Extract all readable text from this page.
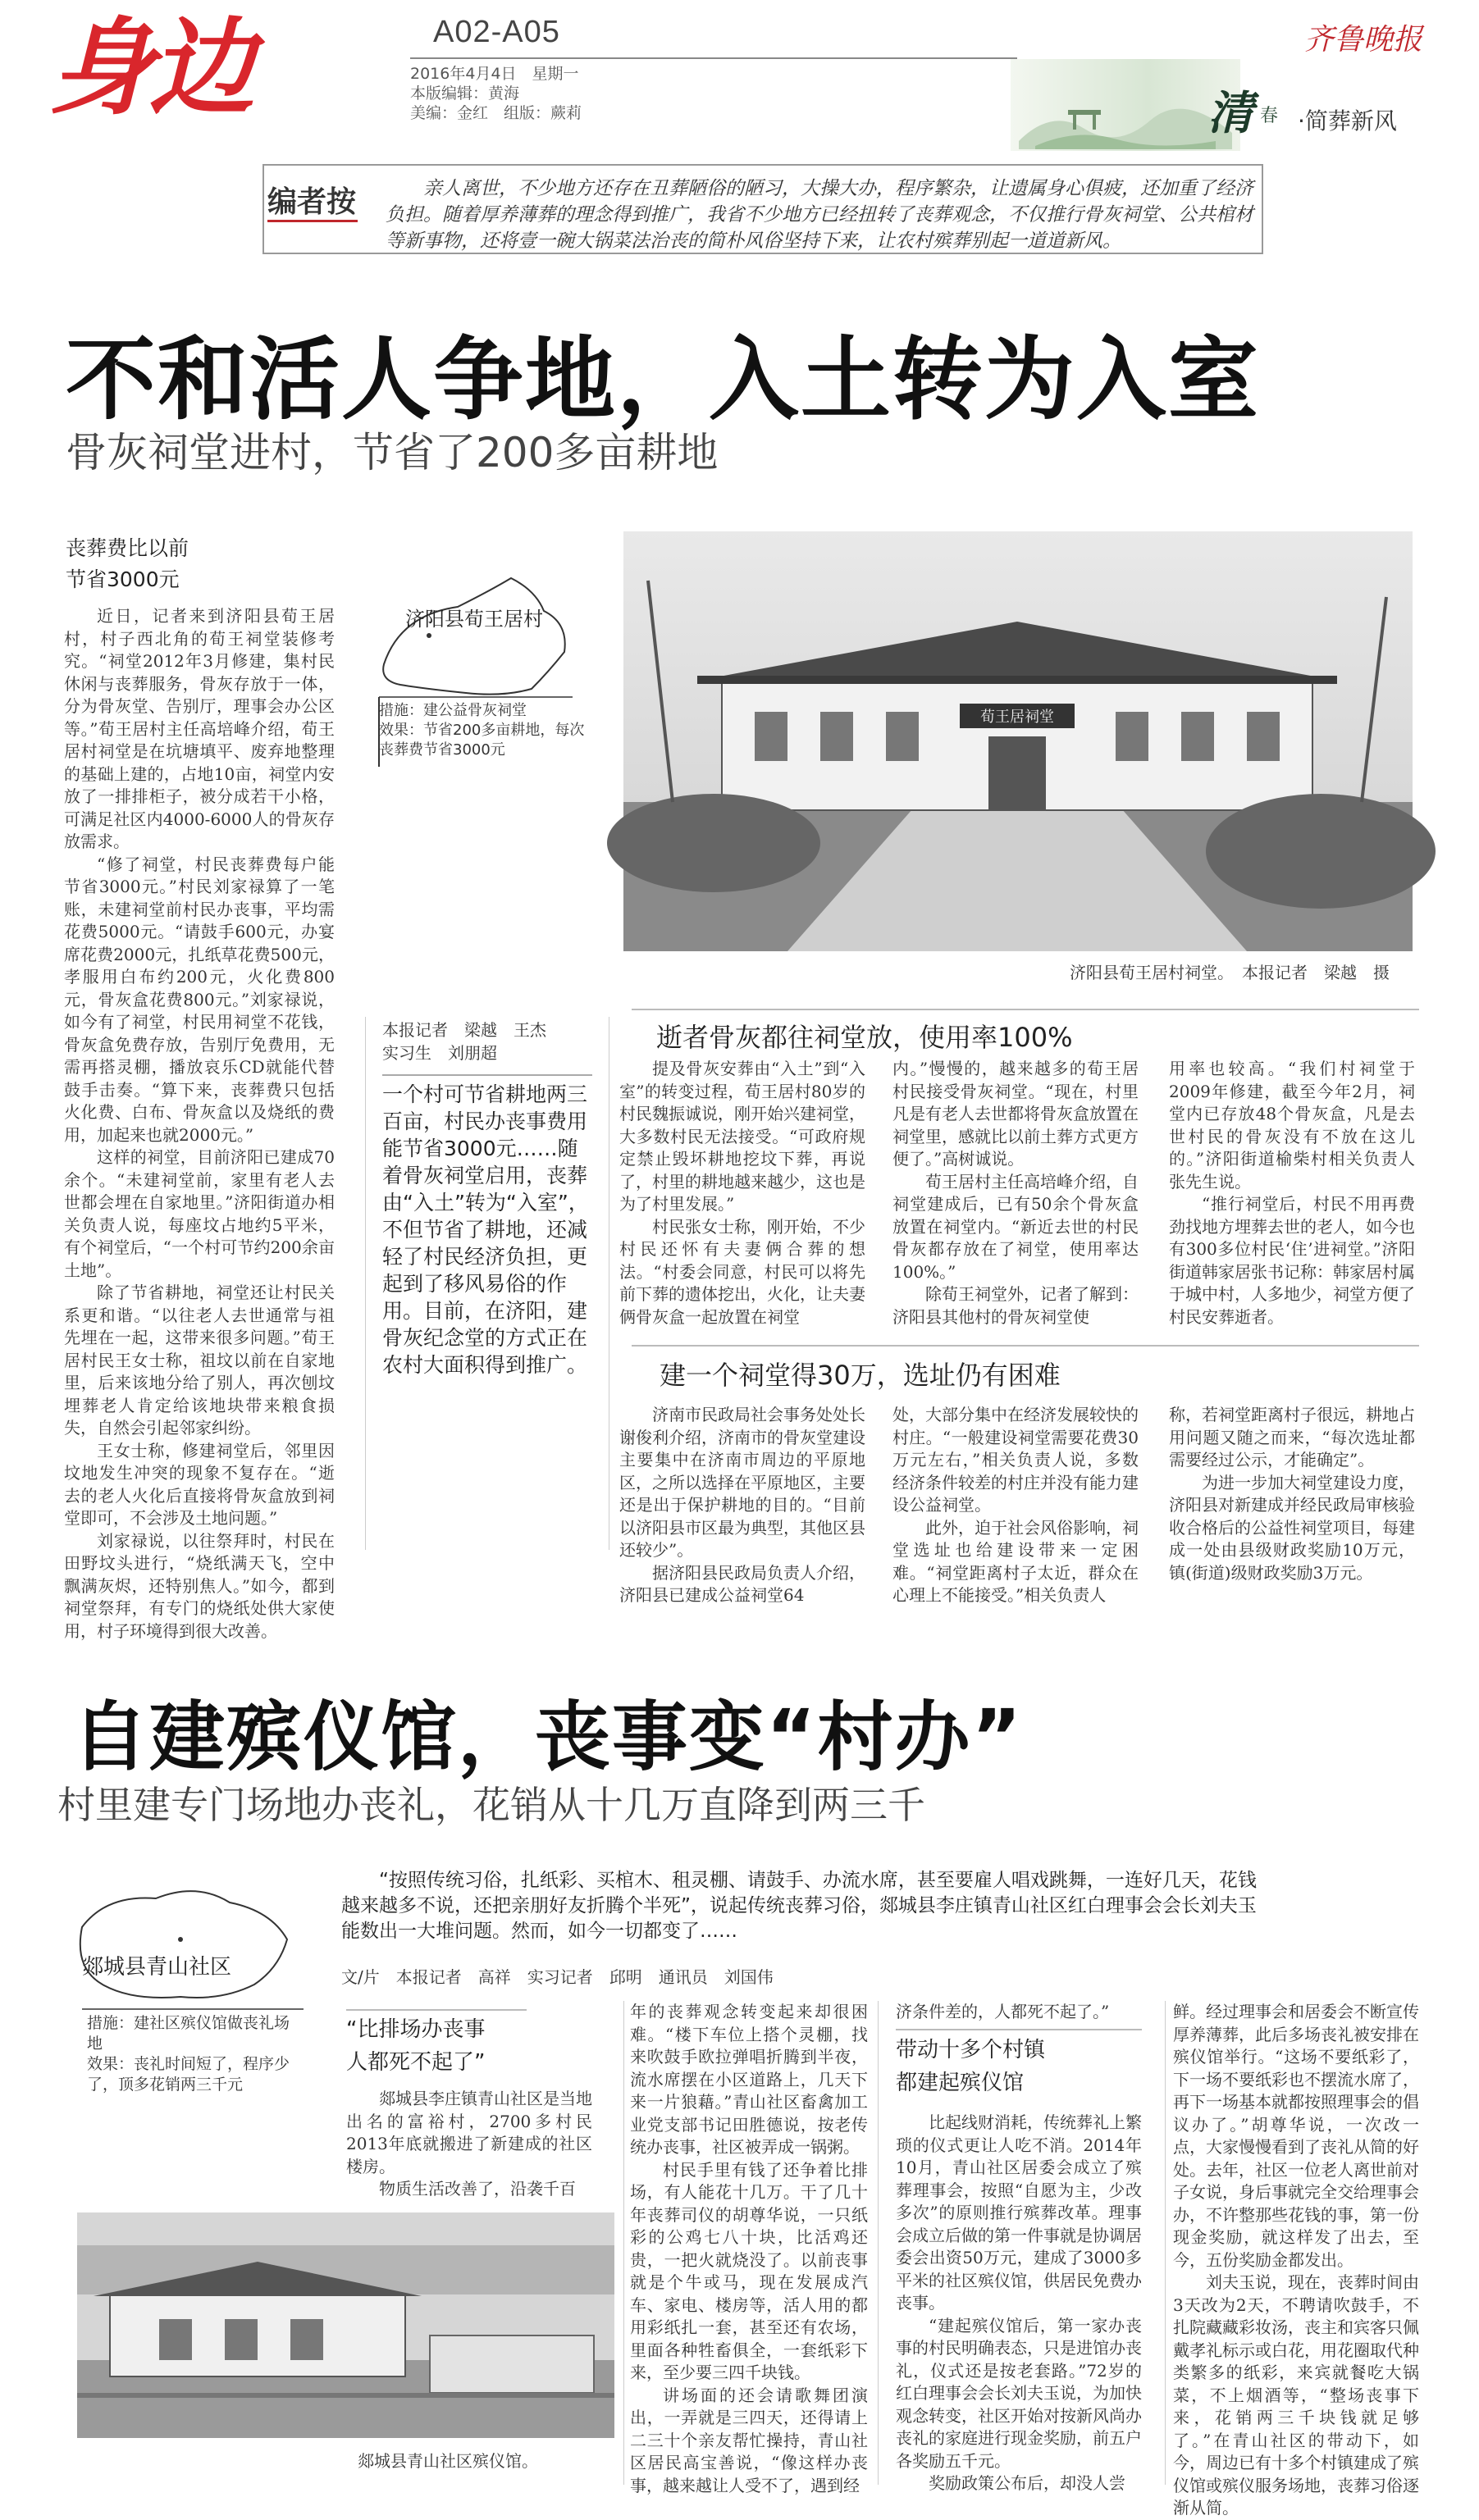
身边	A02-A05
2016年4月4日　星期一
本版编辑：黄海
美编：金红　组版：蕨莉
齐鲁晚报
清 春 ·简葬新风
编者按	亲人离世，不少地方还存在丑葬陋俗的陋习，大操大办，程序繁杂，让遗属身心俱疲，还加重了经济负担。随着厚养薄葬的理念得到推广，我省不少地方已经扭转了丧葬观念，不仅推行骨灰祠堂、公共棺材等新事物，还将壹一碗大锅菜法治丧的简朴风俗坚持下来，让农村殡葬别起一道道新风。
不和活人争地，入土转为入室
骨灰祠堂进村，节省了200多亩耕地
丧葬费比以前
节省3000元

近日，记者来到济阳县荀王居村，村子西北角的荀王祠堂装修考究。“祠堂2012年3月修建，集村民休闲与丧葬服务，骨灰存放于一体，分为骨灰堂、告别厅，理事会办公区等。”荀王居村主任高培峰介绍，荀王居村祠堂是在坑塘填平、废弃地整理的基础上建的，占地10亩，祠堂内安放了一排排柜子，被分成若干小格，可满足社区内4000-6000人的骨灰存放需求。

“修了祠堂，村民丧葬费每户能节省3000元。”村民刘家禄算了一笔账，未建祠堂前村民办丧事，平均需花费5000元。“请鼓手600元，办宴席花费2000元，扎纸草花费500元，孝服用白布约200元，火化费800元，骨灰盒花费800元。”刘家禄说，如今有了祠堂，村民用祠堂不花钱，骨灰盒免费存放，告别厅免费用，无需再搭灵棚，播放哀乐CD就能代替鼓手击奏。“算下来，丧葬费只包括火化费、白布、骨灰盒以及烧纸的费用，加起来也就2000元。”

这样的祠堂，目前济阳已建成70余个。“未建祠堂前，家里有老人去世都会埋在自家地里。”济阳街道办相关负责人说，每座坟占地约5平米，有个祠堂后，“一个村可节约200余亩土地”。

除了节省耕地，祠堂还让村民关系更和谐。“以往老人去世通常与祖先埋在一起，这带来很多问题。”荀王居村民王女士称，祖坟以前在自家地里，后来该地分给了别人，再次刨坟埋葬老人肯定给该地块带来粮食损失，自然会引起邻家纠纷。

王女士称，修建祠堂后，邻里因坟地发生冲突的现象不复存在。“逝去的老人火化后直接将骨灰盒放到祠堂即可，不会涉及土地问题。”

刘家禄说，以往祭拜时，村民在田野坟头进行，“烧纸满天飞，空中飘满灰烬，还特别焦人。”如今，都到祠堂祭拜，有专门的烧纸处供大家使用，村子环境得到很大改善。

济阳县荀王居村
措施：建公益骨灰祠堂
效果：节省200多亩耕地，每次丧葬费节省3000元
荀王居祠堂
济阳县荀王居村祠堂。　本报记者　梁越　摄
本报记者　梁越　王杰
实习生　刘朋超
一个村可节省耕地两三百亩，村民办丧事费用能节省3000元……随着骨灰祠堂启用，丧葬由“入土”转为“入室”，不但节省了耕地，还减轻了村民经济负担，更起到了移风易俗的作用。目前，在济阳，建骨灰纪念堂的方式正在农村大面积得到推广。
逝者骨灰都往祠堂放，使用率100%

提及骨灰安葬由“入土”到“入室”的转变过程，荀王居村80岁的村民魏振诚说，刚开始兴建祠堂，大多数村民无法接受。“可政府规定禁止毁坏耕地挖坟下葬，再说了，村里的耕地越来越少，这也是为了村里发展。”

村民张女士称，刚开始，不少村民还怀有夫妻俩合葬的想法。“村委会同意，村民可以将先前下葬的遗体挖出，火化，让夫妻俩骨灰盒一起放置在祠堂

内。”慢慢的，越来越多的荀王居村民接受骨灰祠堂。“现在，村里凡是有老人去世都将骨灰盒放置在祠堂里，感就比以前土葬方式更方便了。”高树诚说。

荀王居村主任高培峰介绍，自祠堂建成后，已有50余个骨灰盒放置在祠堂内。“新近去世的村民骨灰都存放在了祠堂，使用率达100%。”

除荀王祠堂外，记者了解到：济阳县其他村的骨灰祠堂使

用率也较高。“我们村祠堂于2009年修建，截至今年2月，祠堂内已存放48个骨灰盒，凡是去世村民的骨灰没有不放在这儿的。”济阳街道榆柴村相关负责人张先生说。

“推行祠堂后，村民不用再费劲找地方埋葬去世的老人，如今也有300多位村民‘住’进祠堂。”济阳街道韩家居张书记称：韩家居村属于城中村，人多地少，祠堂方便了村民安葬逝者。

建一个祠堂得30万，选址仍有困难

济南市民政局社会事务处处长谢俊利介绍，济南市的骨灰堂建设主要集中在济南市周边的平原地区，之所以选择在平原地区，主要还是出于保护耕地的目的。“目前以济阳县市区最为典型，其他区县还较少”。

据济阳县民政局负责人介绍，济阳县已建成公益祠堂64

处，大部分集中在经济发展较快的村庄。“一般建设祠堂需要花费30万元左右，”相关负责人说，多数经济条件较差的村庄并没有能力建设公益祠堂。

此外，迫于社会风俗影响，祠堂选址也给建设带来一定困难。“祠堂距离村子太近，群众在心理上不能接受。”相关负责人

称，若祠堂距离村子很远，耕地占用问题又随之而来，“每次选址都需要经过公示，才能确定”。

为进一步加大祠堂建设力度，济阳县对新建成并经民政局审核验收合格后的公益性祠堂项目，每建成一处由县级财政奖励10万元，镇(街道)级财政奖励3万元。

自建殡仪馆，丧事变“村办”
村里建专门场地办丧礼，花销从十几万直降到两三千
郯城县青山社区
措施：建社区殡仪馆做丧礼场地
效果：丧礼时间短了，程序少了，顶多花销两三千元
“按照传统习俗，扎纸彩、买棺木、租灵棚、请鼓手、办流水席，甚至要雇人唱戏跳舞，一连好几天，花钱越来越多不说，还把亲朋好友折腾个半死”，说起传统丧葬习俗，郯城县李庄镇青山社区红白理事会会长刘夫玉能数出一大堆问题。然而，如今一切都变了……
文/片　本报记者　高祥　实习记者　邱明　通讯员　刘国伟
“比排场办丧事
人都死不起了”

郯城县李庄镇青山社区是当地出名的富裕村，2700多村民2013年底就搬进了新建成的社区楼房。

物质生活改善了，沿袭千百

郯城县青山社区殡仪馆。

年的丧葬观念转变起来却很困难。“楼下车位上搭个灵棚，找来吹鼓手欧拉弹唱折腾到半夜，流水席摆在小区道路上，几天下来一片狼藉。”青山社区畜禽加工业党支部书记田胜德说，按老传统办丧事，社区被弄成一锅粥。

村民手里有钱了还争着比排场，有人能花十几万。干了几十年丧葬司仪的胡尊华说，一只纸彩的公鸡七八十块，比活鸡还贵，一把火就烧没了。以前丧事就是个牛或马，现在发展成汽车、家电、楼房等，活人用的都用彩纸扎一套，甚至还有农场，里面各种牲畜俱全，一套纸彩下来，至少要三四千块钱。

讲场面的还会请歌舞团演出，一弄就是三四天，还得请上二三十个亲友帮忙操持，青山社区居民高宝善说，“像这样办丧事，越来越让人受不了，遇到经

济条件差的，人都死不起了。”
带动十多个村镇
都建起殡仪馆

比起线财消耗，传统葬礼上繁琐的仪式更让人吃不消。2014年10月，青山社区居委会成立了殡葬理事会，按照“自愿为主，少改多次”的原则推行殡葬改革。理事会成立后做的第一件事就是协调居委会出资50万元，建成了3000多平米的社区殡仪馆，供居民免费办丧事。

“建起殡仪馆后，第一家办丧事的村民明确表态，只是进馆办丧礼，仪式还是按老套路。”72岁的红白理事会会长刘夫玉说，为加快观念转变，社区开始对按新风尚办丧礼的家庭进行现金奖励，前五户各奖励五千元。

奖励政策公布后，却没人尝

鲜。经过理事会和居委会不断宣传厚养薄葬，此后多场丧礼被安排在殡仪馆举行。“这场不要纸彩了，下一场不要纸彩也不摆流水席了，再下一场基本就都按照理事会的倡议办了。”胡尊华说，一次改一点，大家慢慢看到了丧礼从简的好处。去年，社区一位老人离世前对子女说，身后事就完全交给理事会办，不许整那些花钱的事，第一份现金奖励，就这样发了出去，至今，五份奖励金都发出。

刘夫玉说，现在，丧葬时间由3天改为2天，不聘请吹鼓手，不扎院藏藏彩妆汤，丧主和宾客只佩戴孝礼标示或白花，用花圈取代种类繁多的纸彩，来宾就餐吃大锅菜，不上烟酒等，“整场丧事下来，花销两三千块钱就足够了。”在青山社区的带动下，如今，周边已有十多个村镇建成了殡仪馆或殡仪服务场地，丧葬习俗逐渐从简。
